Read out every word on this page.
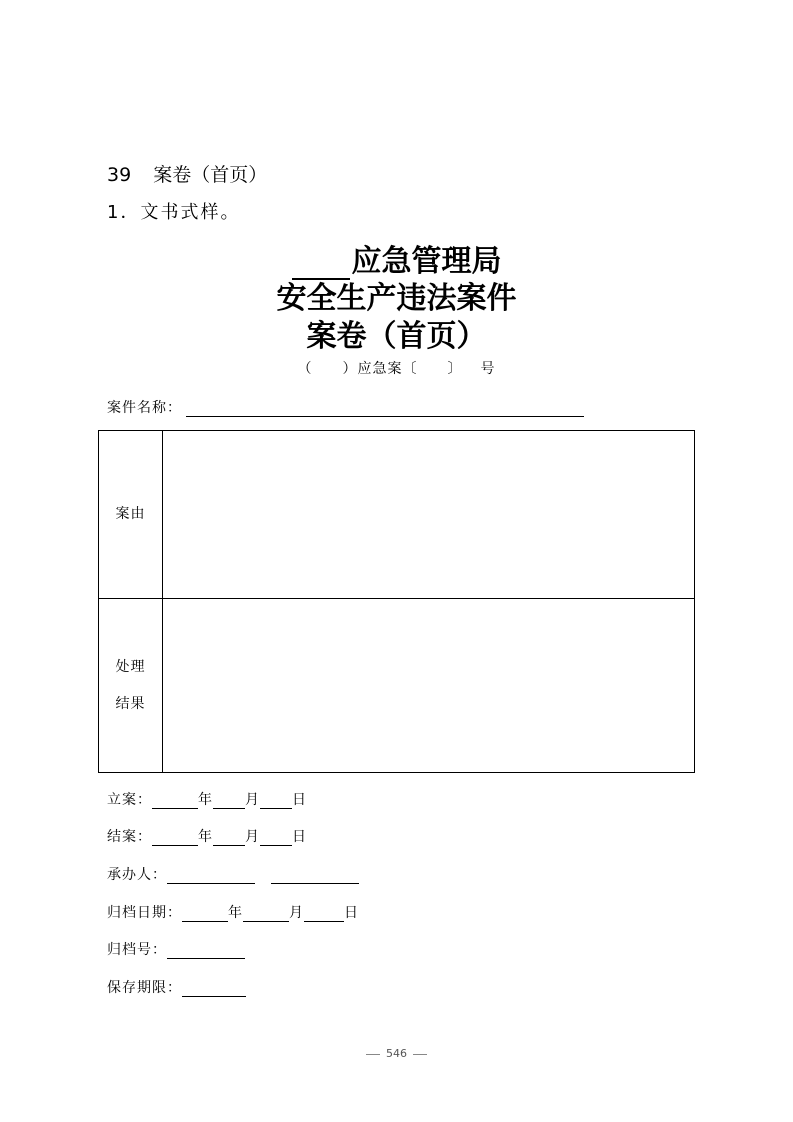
39 案卷（首页）
1．文书式样。
应急管理局
安全生产违法案件
案卷（首页）
（ ）应急案〔 〕 号
案件名称：
案由	

处理
结果	

立案：	年 月 日
结案：	年 月 日
承办人：
归档日期：	年	月	日
归档号：
保存期限：
546
